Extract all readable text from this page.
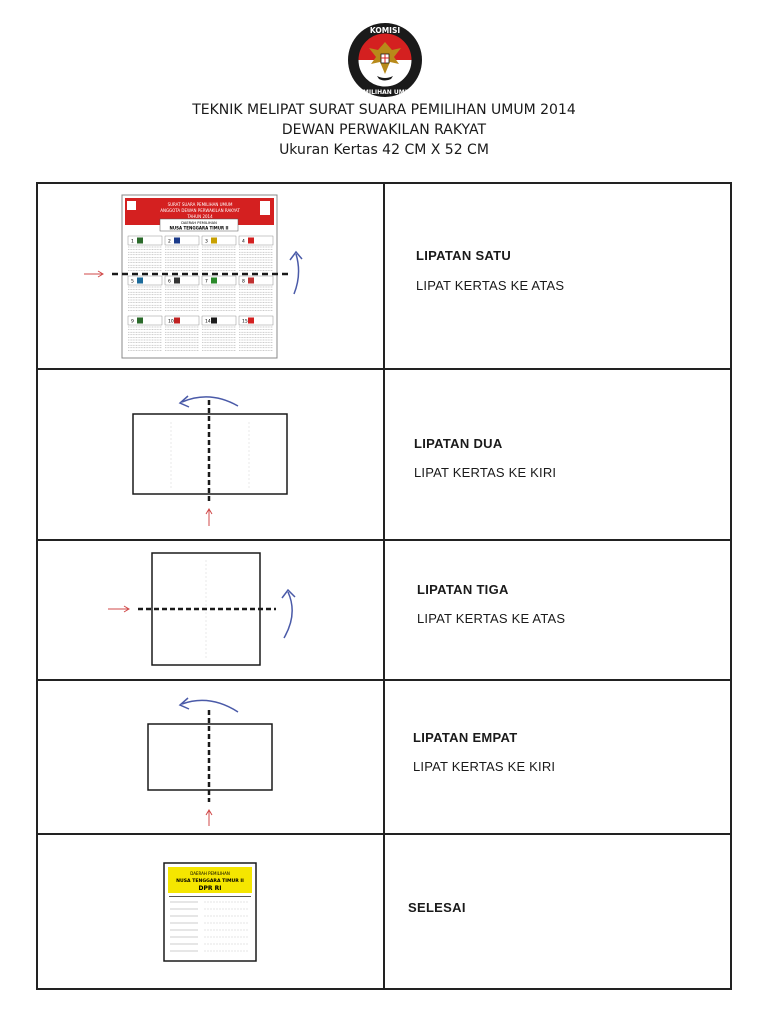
KOMISI
PEMILIHAN UMUM
TEKNIK MELIPAT SURAT SUARA PEMILIHAN UMUM 2014
DEWAN PERWAKILAN RAKYAT
Ukuran Kertas 42 CM X 52 CM
SURAT SUARA PEMILIHAN UMUM
ANGGOTA DEWAN PERWAKILAN RAKYAT
TAHUN 2014
DAERAH PEMILIHAN
NUSA TENGGARA TIMUR II
1	2	3	4
5	6	7	8
9	10	14	15
LIPATAN SATU
LIPAT KERTAS KE ATAS
LIPATAN DUA
LIPAT KERTAS KE KIRI
LIPATAN TIGA
LIPAT KERTAS KE ATAS
LIPATAN EMPAT
LIPAT KERTAS KE KIRI
DAERAH PEMILIHAN
NUSA TENGGARA TIMUR II
DPR RI
SELESAI
